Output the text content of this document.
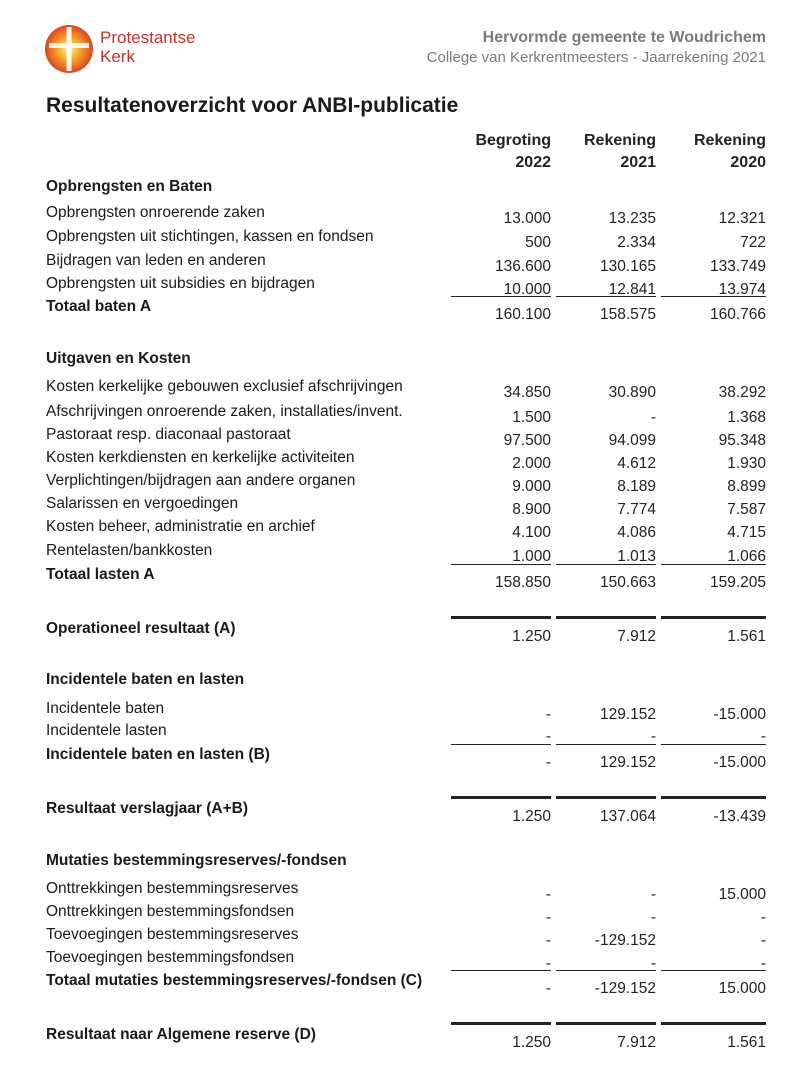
Protestantse
Kerk
Hervormde gemeente te Woudrichem
College van Kerkrentmeesters - Jaarrekening 2021
Resultatenoverzicht voor ANBI-publicatie
Begroting
2022
Rekening
2021
Rekening
2020
Opbrengsten en Baten
Opbrengsten onroerende zaken	13.000	13.235	12.321
Opbrengsten uit stichtingen, kassen en fondsen	500	2.334	722
Bijdragen van leden en anderen	136.600	130.165	133.749
Opbrengsten uit subsidies en bijdragen	10.000	12.841	13.974
Totaal baten A	160.100	158.575	160.766
Uitgaven en Kosten
Kosten kerkelijke gebouwen exclusief afschrijvingen	34.850	30.890	38.292
Afschrijvingen onroerende zaken, installaties/invent.	1.500	-	1.368
Pastoraat resp. diaconaal pastoraat	97.500	94.099	95.348
Kosten kerkdiensten en kerkelijke activiteiten	2.000	4.612	1.930
Verplichtingen/bijdragen aan andere organen	9.000	8.189	8.899
Salarissen en vergoedingen	8.900	7.774	7.587
Kosten beheer, administratie en archief	4.100	4.086	4.715
Rentelasten/bankkosten	1.000	1.013	1.066
Totaal lasten A	158.850	150.663	159.205
Operationeel resultaat (A)	1.250	7.912	1.561
Incidentele baten en lasten
Incidentele baten	-	129.152	-15.000
Incidentele lasten	-	-	-
Incidentele baten en lasten (B)	-	129.152	-15.000
Resultaat verslagjaar (A+B)	1.250	137.064	-13.439
Mutaties bestemmingsreserves/-fondsen
Onttrekkingen bestemmingsreserves	-	-	15.000
Onttrekkingen bestemmingsfondsen	-	-	-
Toevoegingen bestemmingsreserves	-	-129.152	-
Toevoegingen bestemmingsfondsen	-	-	-
Totaal mutaties bestemmingsreserves/-fondsen (C)	-	-129.152	15.000
Resultaat naar Algemene reserve (D)	1.250	7.912	1.561
